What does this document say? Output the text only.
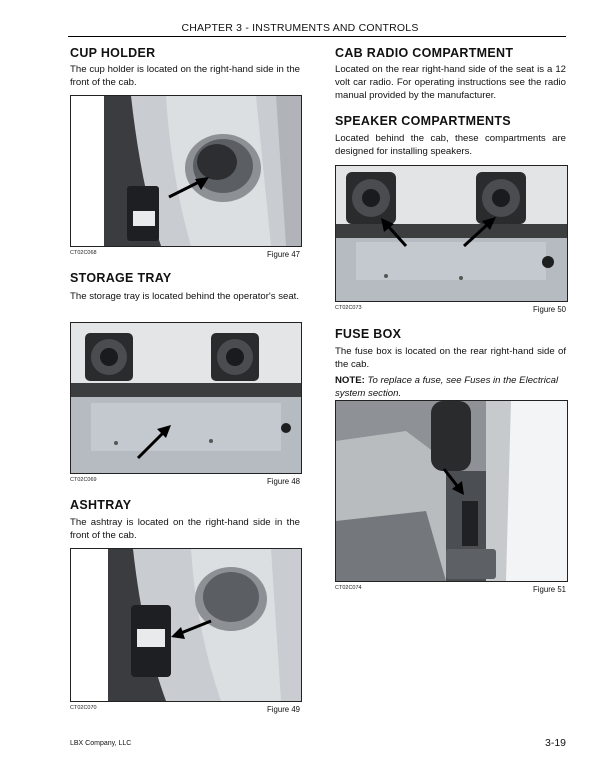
CHAPTER 3 - INSTRUMENTS AND CONTROLS
CUP HOLDER
The cup holder is located on the right-hand side in the front of the cab.
CT02C068	Figure 47
STORAGE TRAY
The storage tray is located behind the operator's seat.
CT02C069	Figure 48
ASHTRAY
The ashtray is located on the right-hand side in the front of the cab.
CT02C070	Figure 49
CAB RADIO COMPARTMENT
Located on the rear right-hand side of the seat is a 12 volt car radio. For operating instructions see the radio manual provided by the manufacturer.
SPEAKER COMPARTMENTS
Located behind the cab, these compartments are designed for installing speakers.
CT02C073	Figure 50
FUSE BOX
The fuse box is located on the rear right-hand side of the cab.
NOTE: To replace a fuse, see Fuses in the Electrical system section.
CT02C074	Figure 51
LBX Company, LLC	3-19
